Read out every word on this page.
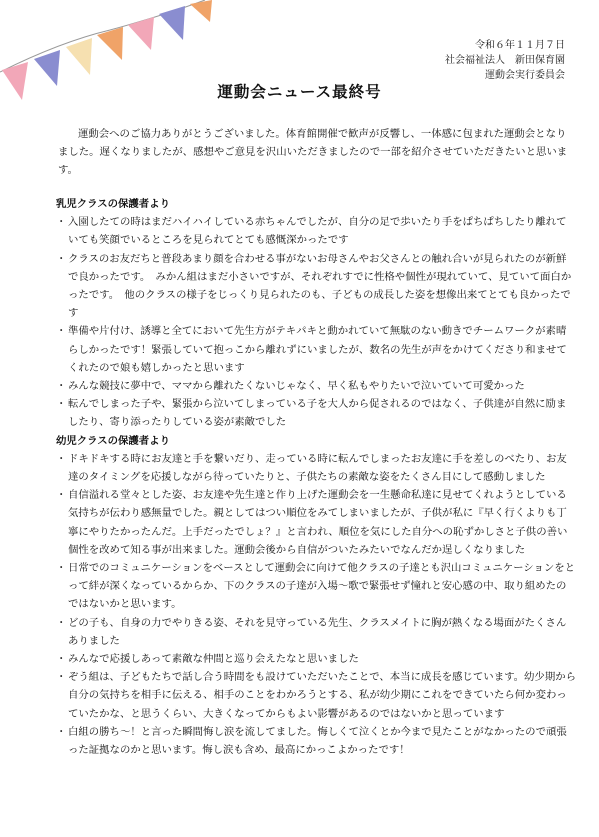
令和６年１１月７日
社会福祉法人　新田保育園
運動会実行委員会
運動会ニュース最終号
運動会へのご協力ありがとうございました。体育館開催で歓声が反響し、一体感に包まれた運動会となりました。遅くなりましたが、感想やご意見を沢山いただきましたので一部を紹介させていただきたいと思います。

乳児クラスの保護者より

・ 入園したての時はまだハイハイしている赤ちゃんでしたが、自分の足で歩いたり手をぱちぱちしたり離れていても笑顔でいるところを見られてとても感慨深かったです

・ クラスのお友だちと普段あまり顔を合わせる事がないお母さんやお父さんとの触れ合いが見られたのが新鮮で良かったです。　みかん組はまだ小さいですが、それぞれすでに性格や個性が現れていて、見ていて面白かったです。　他のクラスの様子をじっくり見られたのも、子どもの成長した姿を想像出来てとても良かったです

・ 準備や片付け、誘導と全てにおいて先生方がテキパキと動かれていて無駄のない動きでチームワークが素晴らしかったです！緊張していて抱っこから離れずにいましたが、数名の先生が声をかけてくださり和ませてくれたので娘も嬉しかったと思います

・ みんな競技に夢中で、ママから離れたくないじゃなく、早く私もやりたいで泣いていて可愛かった

・ 転んでしまった子や、緊張から泣いてしまっている子を大人から促されるのではなく、子供達が自然に励ましたり、寄り添ったりしている姿が素敵でした

幼児クラスの保護者より

・ ドキドキする時にお友達と手を繋いだり、走っている時に転んでしまったお友達に手を差しのべたり、お友達のタイミングを応援しながら待っていたりと、子供たちの素敵な姿をたくさん目にして感動しました

・ 自信溢れる堂々とした姿、お友達や先生達と作り上げた運動会を一生懸命私達に見せてくれようとしている気持ちが伝わり感無量でした。親としてはつい順位をみてしまいましたが、子供が私に『早く行くよりも丁寧にやりたかったんだ。上手だったでしょ？』と言われ、順位を気にした自分への恥ずかしさと子供の善い個性を改めて知る事が出来ました。運動会後から自信がついたみたいでなんだか逞しくなりました

・ 日常でのコミュニケーションをベースとして運動会に向けて他クラスの子達とも沢山コミュニケーションをとって絆が深くなっているからか、下のクラスの子達が入場～歌で緊張せず憧れと安心感の中、取り組めたのではないかと思います。

・ どの子も、自身の力でやりきる姿、それを見守っている先生、クラスメイトに胸が熱くなる場面がたくさんありました

・ みんなで応援しあって素敵な仲間と巡り会えたなと思いました

・ ぞう組は、子どもたちで話し合う時間をも設けていただいたことで、本当に成長を感じています。幼少期から自分の気持ちを相手に伝える、相手のことをわかろうとする、私が幼少期にこれをできていたら何か変わっていたかな、と思うくらい、大きくなってからもよい影響があるのではないかと思っています

・ 白組の勝ち～！と言った瞬間悔し涙を流してました。悔しくて泣くとか今まで見たことがなかったので頑張った証拠なのかと思います。悔し涙も含め、最高にかっこよかったです！
